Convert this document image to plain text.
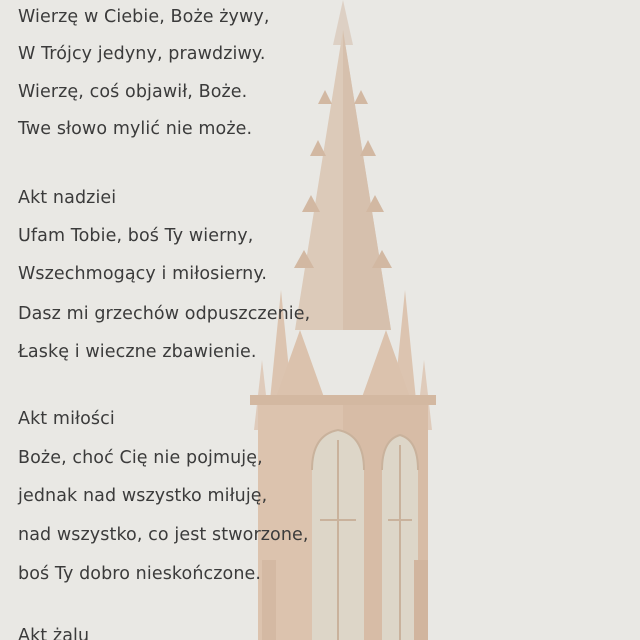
Wierzę w Ciebie, Boże żywy,
W Trójcy jedyny, prawdziwy.
Wierzę, coś objawił, Boże.
Twe słowo mylić nie może.
Akt nadziei
Ufam Tobie, boś Ty wierny,
Wszechmogący i miłosierny.
Dasz mi grzechów odpuszczenie,
Łaskę i wieczne zbawienie.
Akt miłości
Boże, choć Cię nie pojmuję,
jednak nad wszystko miłuję,
nad wszystko, co jest stworzone,
boś Ty dobro nieskończone.
Akt żalu
